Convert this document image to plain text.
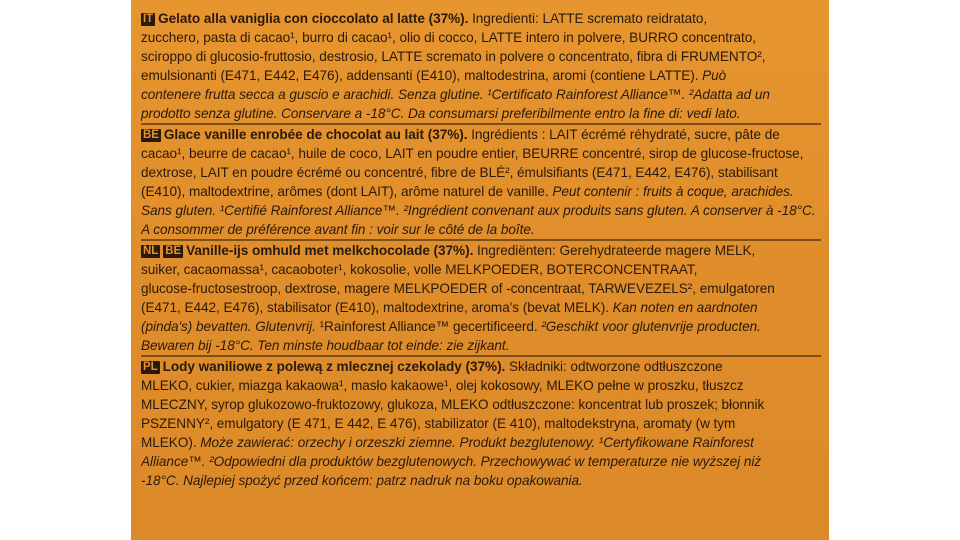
IT Gelato alla vaniglia con cioccolato al latte (37%). Ingredienti: LATTE scremato reidratato,
zucchero, pasta di cacao¹, burro di cacao¹, olio di cocco, LATTE intero in polvere, BURRO concentrato,
sciroppo di glucosio-fruttosio, destrosio, LATTE scremato in polvere o concentrato, fibra di FRUMENTO²,
emulsionanti (E471, E442, E476), addensanti (E410), maltodestrina, aromi (contiene LATTE). Può
contenere frutta secca a guscio e arachidi. Senza glutine. ¹Certificato Rainforest Alliance™. ²Adatta ad un
prodotto senza glutine. Conservare a -18°C. Da consumarsi preferibilmente entro la fine di: vedi lato.
BE Glace vanille enrobée de chocolat au lait (37%). Ingrédients : LAIT écrémé réhydraté, sucre, pâte de
cacao¹, beurre de cacao¹, huile de coco, LAIT en poudre entier, BEURRE concentré, sirop de glucose-fructose,
dextrose, LAIT en poudre écrémé ou concentré, fibre de BLÉ², émulsifiants (E471, E442, E476), stabilisant
(E410), maltodextrine, arômes (dont LAIT), arôme naturel de vanille. Peut contenir : fruits à coque, arachides.
Sans gluten. ¹Certifié Rainforest Alliance™. ²Ingrédient convenant aux produits sans gluten. A conserver à -18°C.
A consommer de préférence avant fin : voir sur le côté de la boîte.
NL BE Vanille-ijs omhuld met melkchocolade (37%). Ingrediënten: Gerehydrateerde magere MELK,
suiker, cacaomassa¹, cacaoboter¹, kokosolie, volle MELKPOEDER, BOTERCONCENTRAAT,
glucose-fructosestroop, dextrose, magere MELKPOEDER of -concentraat, TARWEVEZELS², emulgatoren
(E471, E442, E476), stabilisator (E410), maltodextrine, aroma's (bevat MELK). Kan noten en aardnoten
(pinda's) bevatten. Glutenvrij. ¹Rainforest Alliance™ gecertificeerd. ²Geschikt voor glutenvrije producten.
Bewaren bij -18°C. Ten minste houdbaar tot einde: zie zijkant.
PL Lody waniliowe z polewą z mlecznej czekolady (37%). Składniki: odtworzone odtłuszczone
MLEKO, cukier, miazga kakaowa¹, masło kakaowe¹, olej kokosowy, MLEKO pełne w proszku, tłuszcz
MLECZNY, syrop glukozowo-fruktozowy, glukoza, MLEKO odtłuszczone: koncentrat lub proszek; błonnik
PSZENNY², emulgatory (E 471, E 442, E 476), stabilizator (E 410), maltodekstryna, aromaty (w tym
MLEKO). Może zawierać: orzechy i orzeszki ziemne. Produkt bezglutenowy. ¹Certyfikowane Rainforest
Alliance™. ²Odpowiedni dla produktów bezglutenowych. Przechowywać w temperaturze nie wyższej niż
-18°C. Najlepiej spożyć przed końcem: patrz nadruk na boku opakowania.
